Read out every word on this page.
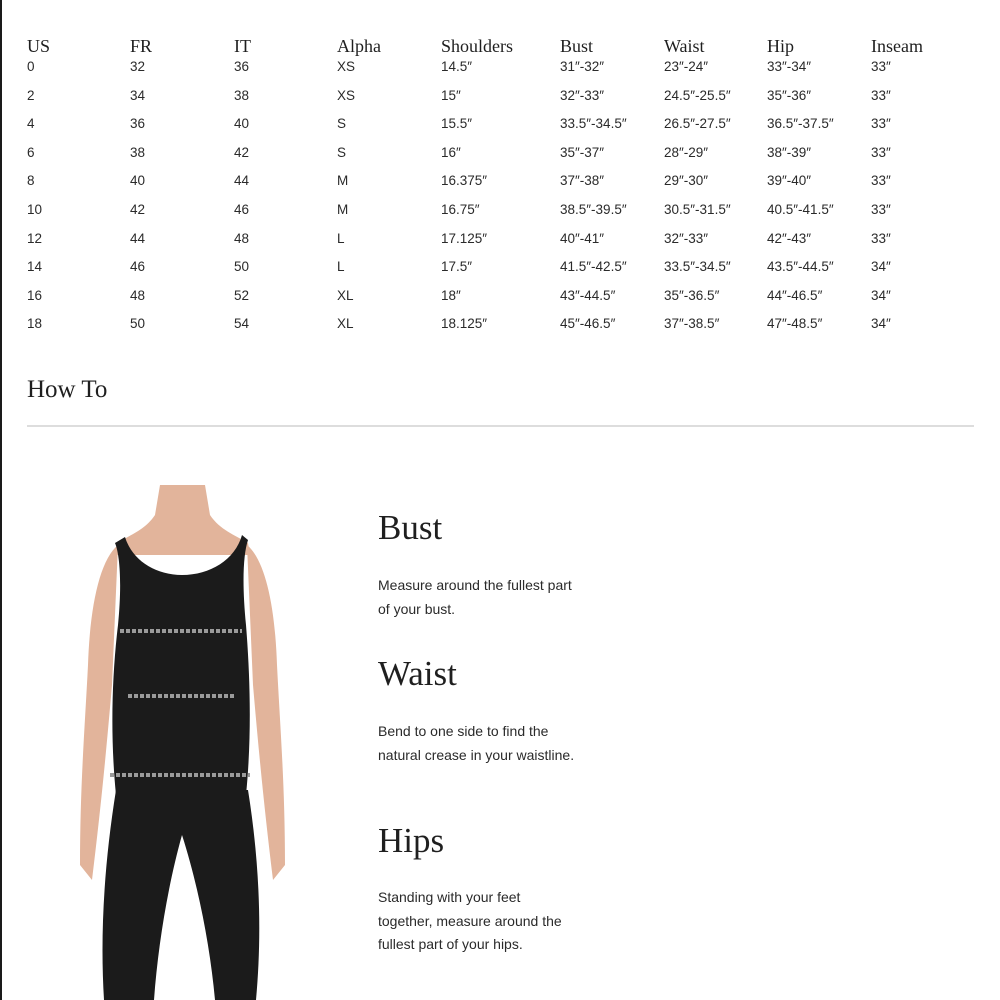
US	FR	IT	Alpha	Shoulders	Bust	Waist	Hip	Inseam
0	32	36	XS	14.5″	31″-32″	23″-24″	33″-34″	33″
2	34	38	XS	15″	32″-33″	24.5″-25.5″	35″-36″	33″
4	36	40	S	15.5″	33.5″-34.5″	26.5″-27.5″	36.5″-37.5″	33″
6	38	42	S	16″	35″-37″	28″-29″	38″-39″	33″
8	40	44	M	16.375″	37″-38″	29″-30″	39″-40″	33″
10	42	46	M	16.75″	38.5″-39.5″	30.5″-31.5″	40.5″-41.5″	33″
12	44	48	L	17.125″	40″-41″	32″-33″	42″-43″	33″
14	46	50	L	17.5″	41.5″-42.5″	33.5″-34.5″	43.5″-44.5″	34″
16	48	52	XL	18″	43″-44.5″	35″-36.5″	44″-46.5″	34″
18	50	54	XL	18.125″	45″-46.5″	37″-38.5″	47″-48.5″	34″
How To
Bust

Measure around the fullest part of your bust.

Waist

Bend to one side to find the natural crease in your waistline.

Hips

Standing with your feet together, measure around the fullest part of your hips.
